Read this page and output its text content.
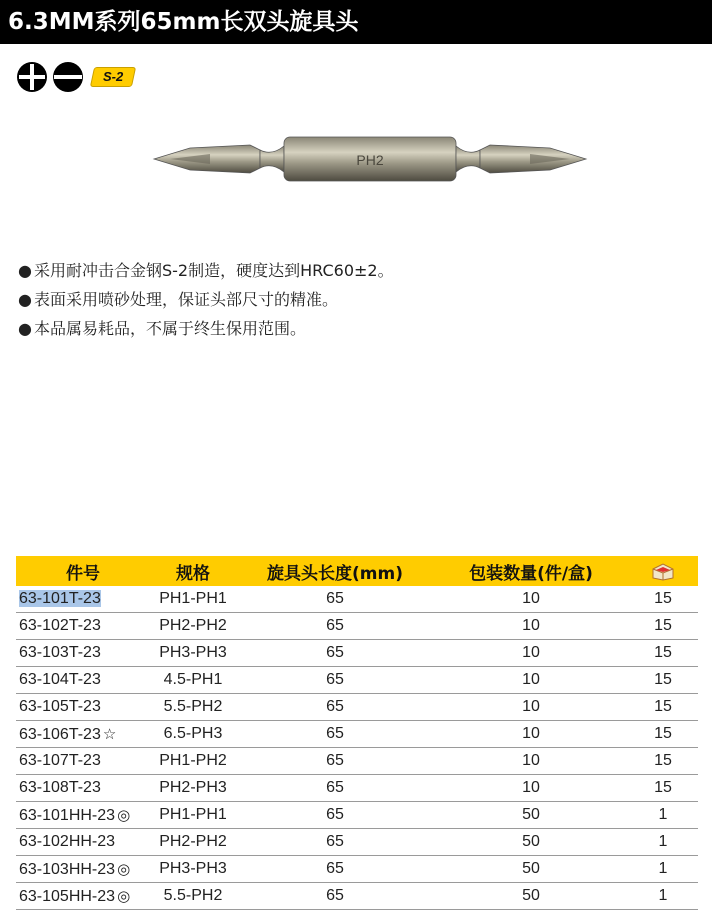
6.3MM系列65mm长双头旋具头
S-2
PH2
● 采用耐冲击合金钢S-2制造，硬度达到HRC60±2。
● 表面采用喷砂处理，保证头部尺寸的精准。
● 本品属易耗品，不属于终生保用范围。
件号	规格	旋具头长度(mm)	包装数量(件/盒)	
63-101T-23	PH1-PH1	65	10	15
63-102T-23	PH2-PH2	65	10	15
63-103T-23	PH3-PH3	65	10	15
63-104T-23	4.5-PH1	65	10	15
63-105T-23	5.5-PH2	65	10	15
63-106T-23 ☆	6.5-PH3	65	10	15
63-107T-23	PH1-PH2	65	10	15
63-108T-23	PH2-PH3	65	10	15
63-101HH-23 ◎	PH1-PH1	65	50	1
63-102HH-23	PH2-PH2	65	50	1
63-103HH-23 ◎	PH3-PH3	65	50	1
63-105HH-23 ◎	5.5-PH2	65	50	1
